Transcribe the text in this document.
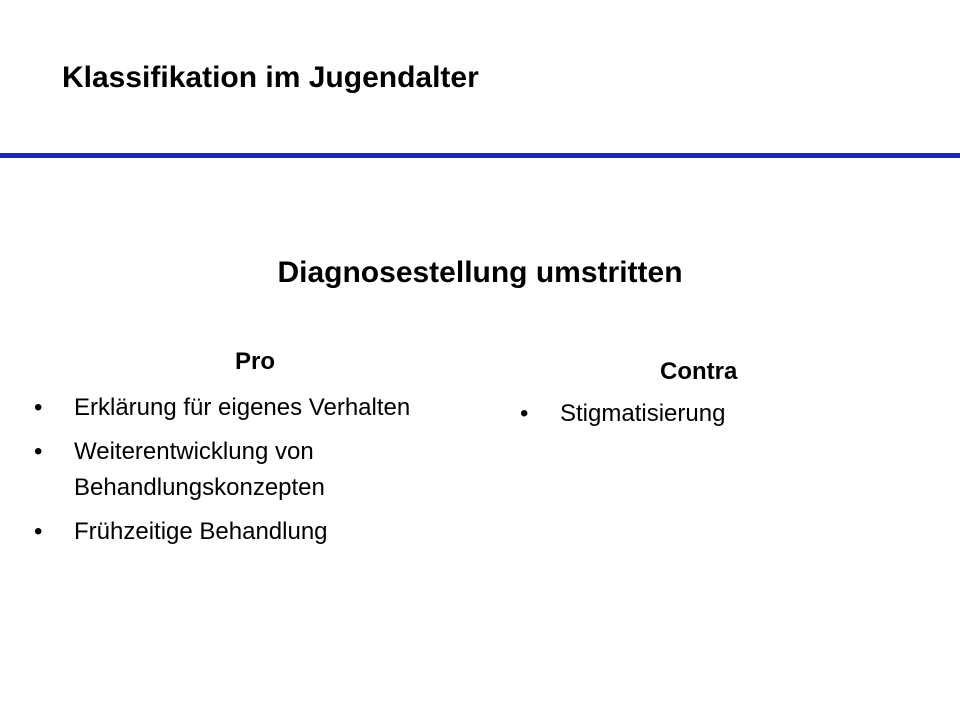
Klassifikation im Jugendalter
Diagnosestellung umstritten
Pro
•	Erklärung für eigenes Verhalten
•	Weiterentwicklung von Behandlungskonzepten
•	Frühzeitige Behandlung
Contra
•	Stigmatisierung
